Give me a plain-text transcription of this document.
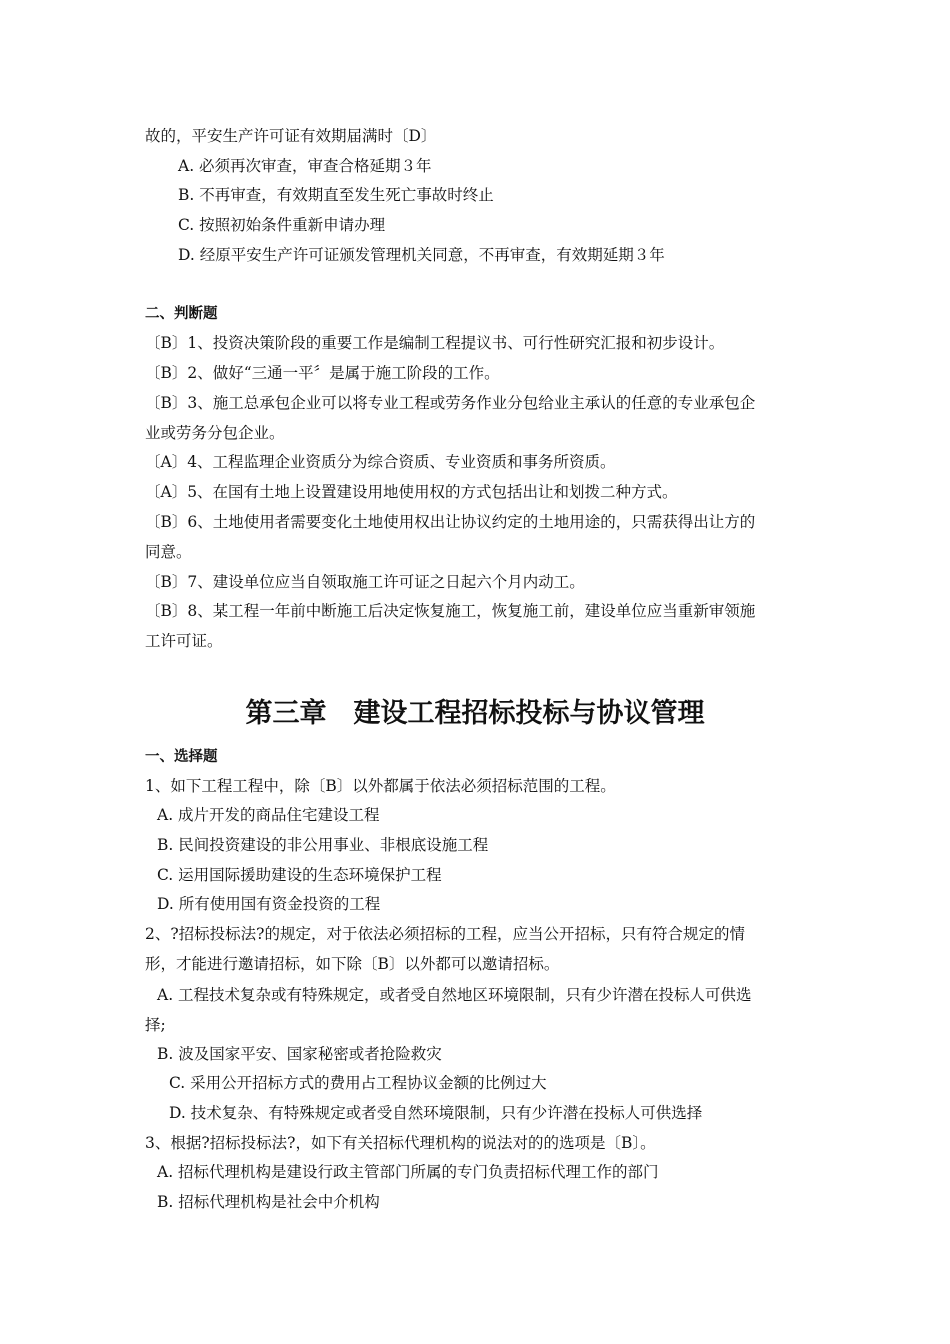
故的，平安生产许可证有效期届满时〔D〕
A. 必须再次审查，审查合格延期３年
B. 不再审查，有效期直至发生死亡事故时终止
C. 按照初始条件重新申请办理
D. 经原平安生产许可证颁发管理机关同意，不再审查，有效期延期３年
二、判断题
〔B〕1、投资决策阶段的重要工作是编制工程提议书、可行性研究汇报和初步设计。
〔B〕2、做好“三通一平〞是属于施工阶段的工作。
〔B〕3、施工总承包企业可以将专业工程或劳务作业分包给业主承认的任意的专业承包企
业或劳务分包企业。
〔A〕4、工程监理企业资质分为综合资质、专业资质和事务所资质。
〔A〕5、在国有土地上设置建设用地使用权的方式包括出让和划拨二种方式。
〔B〕6、土地使用者需要变化土地使用权出让协议约定的土地用途的，只需获得出让方的
同意。
〔B〕7、建设单位应当自领取施工许可证之日起六个月内动工。
〔B〕8、某工程一年前中断施工后决定恢复施工，恢复施工前，建设单位应当重新审领施
工许可证。
第三章　建设工程招标投标与协议管理
一、选择题
1、如下工程工程中，除〔B〕以外都属于依法必须招标范围的工程。
A. 成片开发的商品住宅建设工程
B. 民间投资建设的非公用事业、非根底设施工程
C. 运用国际援助建设的生态环境保护工程
D. 所有使用国有资金投资的工程
2、?招标投标法?的规定，对于依法必须招标的工程，应当公开招标，只有符合规定的情
形，才能进行邀请招标，如下除〔B〕以外都可以邀请招标。
A. 工程技术复杂或有特殊规定，或者受自然地区环境限制，只有少许潜在投标人可供选
择;
B. 波及国家平安、国家秘密或者抢险救灾
C. 采用公开招标方式的费用占工程协议金额的比例过大
D. 技术复杂、有特殊规定或者受自然环境限制，只有少许潜在投标人可供选择
3、根据?招标投标法?，如下有关招标代理机构的说法对的的选项是〔B〕。
A. 招标代理机构是建设行政主管部门所属的专门负责招标代理工作的部门
B. 招标代理机构是社会中介机构
